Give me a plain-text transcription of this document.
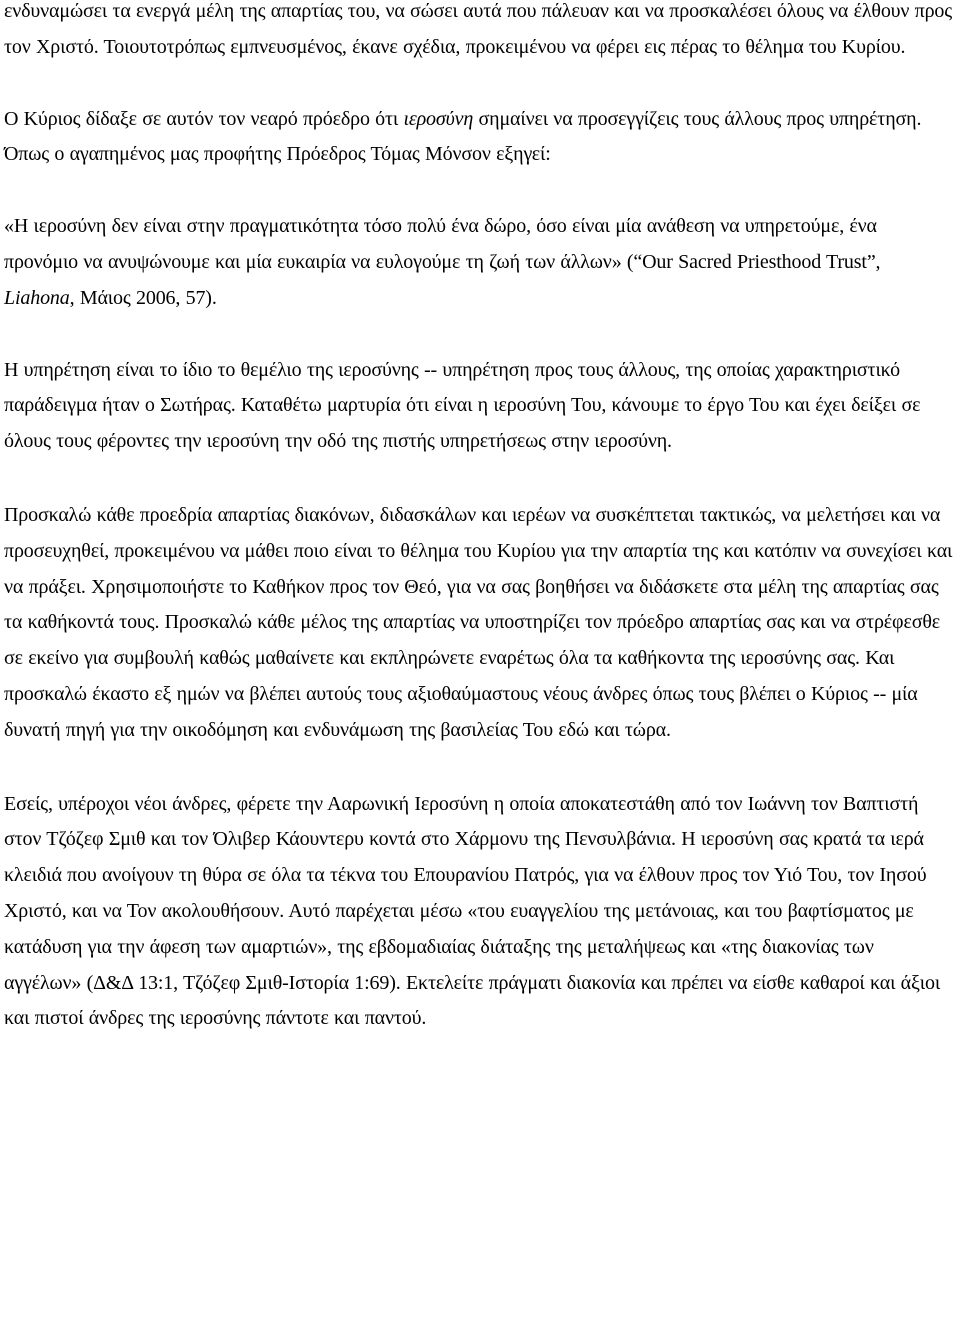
ενδυναμώσει τα ενεργά μέλη της απαρτίας του, να σώσει αυτά που πάλευαν και να προσκαλέσει όλους να έλθουν προς τον Χριστό. Τοιουτοτρόπως εμπνευσμένος, έκανε σχέδια, προκειμένου να φέρει εις πέρας το θέλημα του Κυρίου.

Ο Κύριος δίδαξε σε αυτόν τον νεαρό πρόεδρο ότι ιεροσύνη σημαίνει να προσεγγίζεις τους άλλους προς υπηρέτηση. Όπως ο αγαπημένος μας προφήτης Πρόεδρος Τόμας Μόνσον εξηγεί:

«Η ιεροσύνη δεν είναι στην πραγματικότητα τόσο πολύ ένα δώρο, όσο είναι μία ανάθεση να υπηρετούμε, ένα προνόμιο να ανυψώνουμε και μία ευκαιρία να ευλογούμε τη ζωή των άλλων» (“Our Sacred Priesthood Trust”, Liahona, Μάιος 2006, 57).

Η υπηρέτηση είναι το ίδιο το θεμέλιο της ιεροσύνης -- υπηρέτηση προς τους άλλους, της οποίας χαρακτηριστικό παράδειγμα ήταν ο Σωτήρας. Καταθέτω μαρτυρία ότι είναι η ιεροσύνη Του, κάνουμε το έργο Του και έχει δείξει σε όλους τους φέροντες την ιεροσύνη την οδό της πιστής υπηρετήσεως στην ιεροσύνη.

Προσκαλώ κάθε προεδρία απαρτίας διακόνων, διδασκάλων και ιερέων να συσκέπτεται τακτικώς, να μελετήσει και να προσευχηθεί, προκειμένου να μάθει ποιο είναι το θέλημα του Κυρίου για την απαρτία της και κατόπιν να συνεχίσει και να πράξει. Χρησιμοποιήστε το Καθήκον προς τον Θεό, για να σας βοηθήσει να διδάσκετε στα μέλη της απαρτίας σας τα καθήκοντά τους. Προσκαλώ κάθε μέλος της απαρτίας να υποστηρίζει τον πρόεδρο απαρτίας σας και να στρέφεσθε σε εκείνο για συμβουλή καθώς μαθαίνετε και εκπληρώνετε εναρέτως όλα τα καθήκοντα της ιεροσύνης σας. Και προσκαλώ έκαστο εξ ημών να βλέπει αυτούς τους αξιοθαύμαστους νέους άνδρες όπως τους βλέπει ο Κύριος -- μία δυνατή πηγή για την οικοδόμηση και ενδυνάμωση της βασιλείας Του εδώ και τώρα.

Εσείς, υπέροχοι νέοι άνδρες, φέρετε την Ααρωνική Ιεροσύνη η οποία αποκατεστάθη από τον Ιωάννη τον Βαπτιστή στον Τζόζεφ Σμιθ και τον Όλιβερ Κάουντερυ κοντά στο Χάρμονυ της Πενσυλβάνια. Η ιεροσύνη σας κρατά τα ιερά κλειδιά που ανοίγουν τη θύρα σε όλα τα τέκνα του Επουρανίου Πατρός, για να έλθουν προς τον Υιό Του, τον Ιησού Χριστό, και να Τον ακολουθήσουν. Αυτό παρέχεται μέσω «του ευαγγελίου της μετάνοιας, και του βαφτίσματος με κατάδυση για την άφεση των αμαρτιών», της εβδομαδιαίας διάταξης της μεταλήψεως και «της διακονίας των αγγέλων» (Δ&Δ 13:1, Τζόζεφ Σμιθ-Ιστορία 1:69). Εκτελείτε πράγματι διακονία και πρέπει να είσθε καθαροί και άξιοι και πιστοί άνδρες της ιεροσύνης πάντοτε και παντού.
